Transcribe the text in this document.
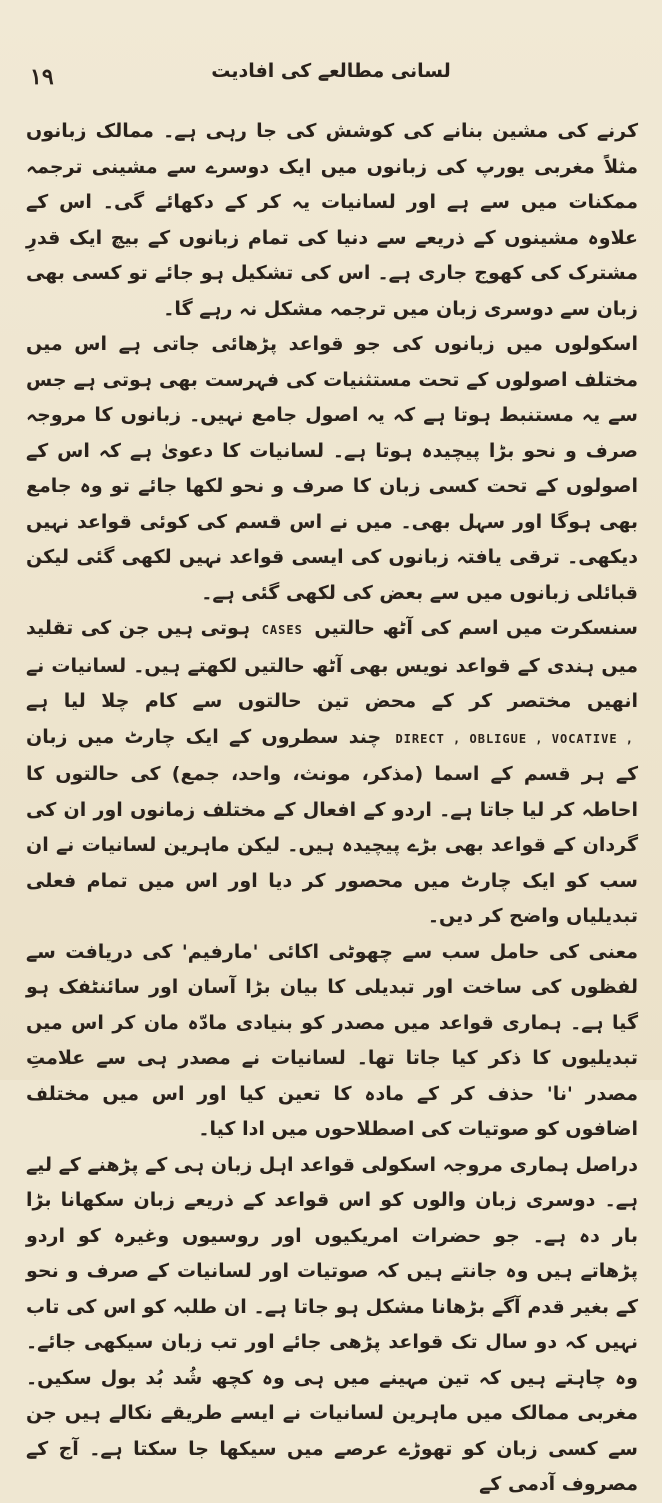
۱۹	لسانی مطالعے کی افادیت

کرنے کی مشین بنانے کی کوشش کی جا رہی ہے۔ ممالک زبانوں مثلاً مغربی یورپ کی زبانوں میں ایک دوسرے سے مشینی ترجمہ ممکنات میں سے ہے اور لسانیات یہ کر کے دکھائے گی۔ اس کے علاوہ مشینوں کے ذریعے سے دنیا کی تمام زبانوں کے بیچ ایک قدرِ مشترک کی کھوج جاری ہے۔ اس کی تشکیل ہو جائے تو کسی بھی زبان سے دوسری زبان میں ترجمہ مشکل نہ رہے گا۔

اسکولوں میں زبانوں کی جو قواعد پڑھائی جاتی ہے اس میں مختلف اصولوں کے تحت مستثنیات کی فہرست بھی ہوتی ہے جس سے یہ مستنبط ہوتا ہے کہ یہ اصول جامع نہیں۔ زبانوں کا مروجہ صرف و نحو بڑا پیچیدہ ہوتا ہے۔ لسانیات کا دعویٰ ہے کہ اس کے اصولوں کے تحت کسی زبان کا صرف و نحو لکھا جائے تو وہ جامع بھی ہوگا اور سہل بھی۔ میں نے اس قسم کی کوئی قواعد نہیں دیکھی۔ ترقی یافتہ زبانوں کی ایسی قواعد نہیں لکھی گئی لیکن قبائلی زبانوں میں سے بعض کی لکھی گئی ہے۔

سنسکرت میں اسم کی آٹھ حالتیں CASES ہوتی ہیں جن کی تقلید میں ہندی کے قواعد نویس بھی آٹھ حالتیں لکھتے ہیں۔ لسانیات نے انھیں مختصر کر کے محض تین حالتوں سے کام چلا لیا ہے DIRECT , OBLIGUE , VOCATIVE , چند سطروں کے ایک چارٹ میں زبان کے ہر قسم کے اسما (مذکر، مونث، واحد، جمع) کی حالتوں کا احاطہ کر لیا جاتا ہے۔ اردو کے افعال کے مختلف زمانوں اور ان کی گردان کے قواعد بھی بڑے پیچیدہ ہیں۔ لیکن ماہرین لسانیات نے ان سب کو ایک چارٹ میں محصور کر دیا اور اس میں تمام فعلی تبدیلیاں واضح کر دیں۔

معنی کی حامل سب سے چھوٹی اکائی 'مارفیم' کی دریافت سے لفظوں کی ساخت اور تبدیلی کا بیان بڑا آسان اور سائنٹفک ہو گیا ہے۔ ہماری قواعد میں مصدر کو بنیادی مادّہ مان کر اس میں تبدیلیوں کا ذکر کیا جاتا تھا۔ لسانیات نے مصدر ہی سے علامتِ مصدر 'نا' حذف کر کے مادہ کا تعین کیا اور اس میں مختلف اضافوں کو صوتیات کی اصطلاحوں میں ادا کیا۔

دراصل ہماری مروجہ اسکولی قواعد اہل زبان ہی کے پڑھنے کے لیے ہے۔ دوسری زبان والوں کو اس قواعد کے ذریعے زبان سکھانا بڑا بار دہ ہے۔ جو حضرات امریکیوں اور روسیوں وغیرہ کو اردو پڑھاتے ہیں وہ جانتے ہیں کہ صوتیات اور لسانیات کے صرف و نحو کے بغیر قدم آگے بڑھانا مشکل ہو جاتا ہے۔ ان طلبہ کو اس کی تاب نہیں کہ دو سال تک قواعد پڑھی جائے اور تب زبان سیکھی جائے۔ وہ چاہتے ہیں کہ تین مہینے میں ہی وہ کچھ شُد بُد بول سکیں۔ مغربی ممالک میں ماہرین لسانیات نے ایسے طریقے نکالے ہیں جن سے کسی زبان کو تھوڑے عرصے میں سیکھا جا سکتا ہے۔ آج کے مصروف آدمی کے
